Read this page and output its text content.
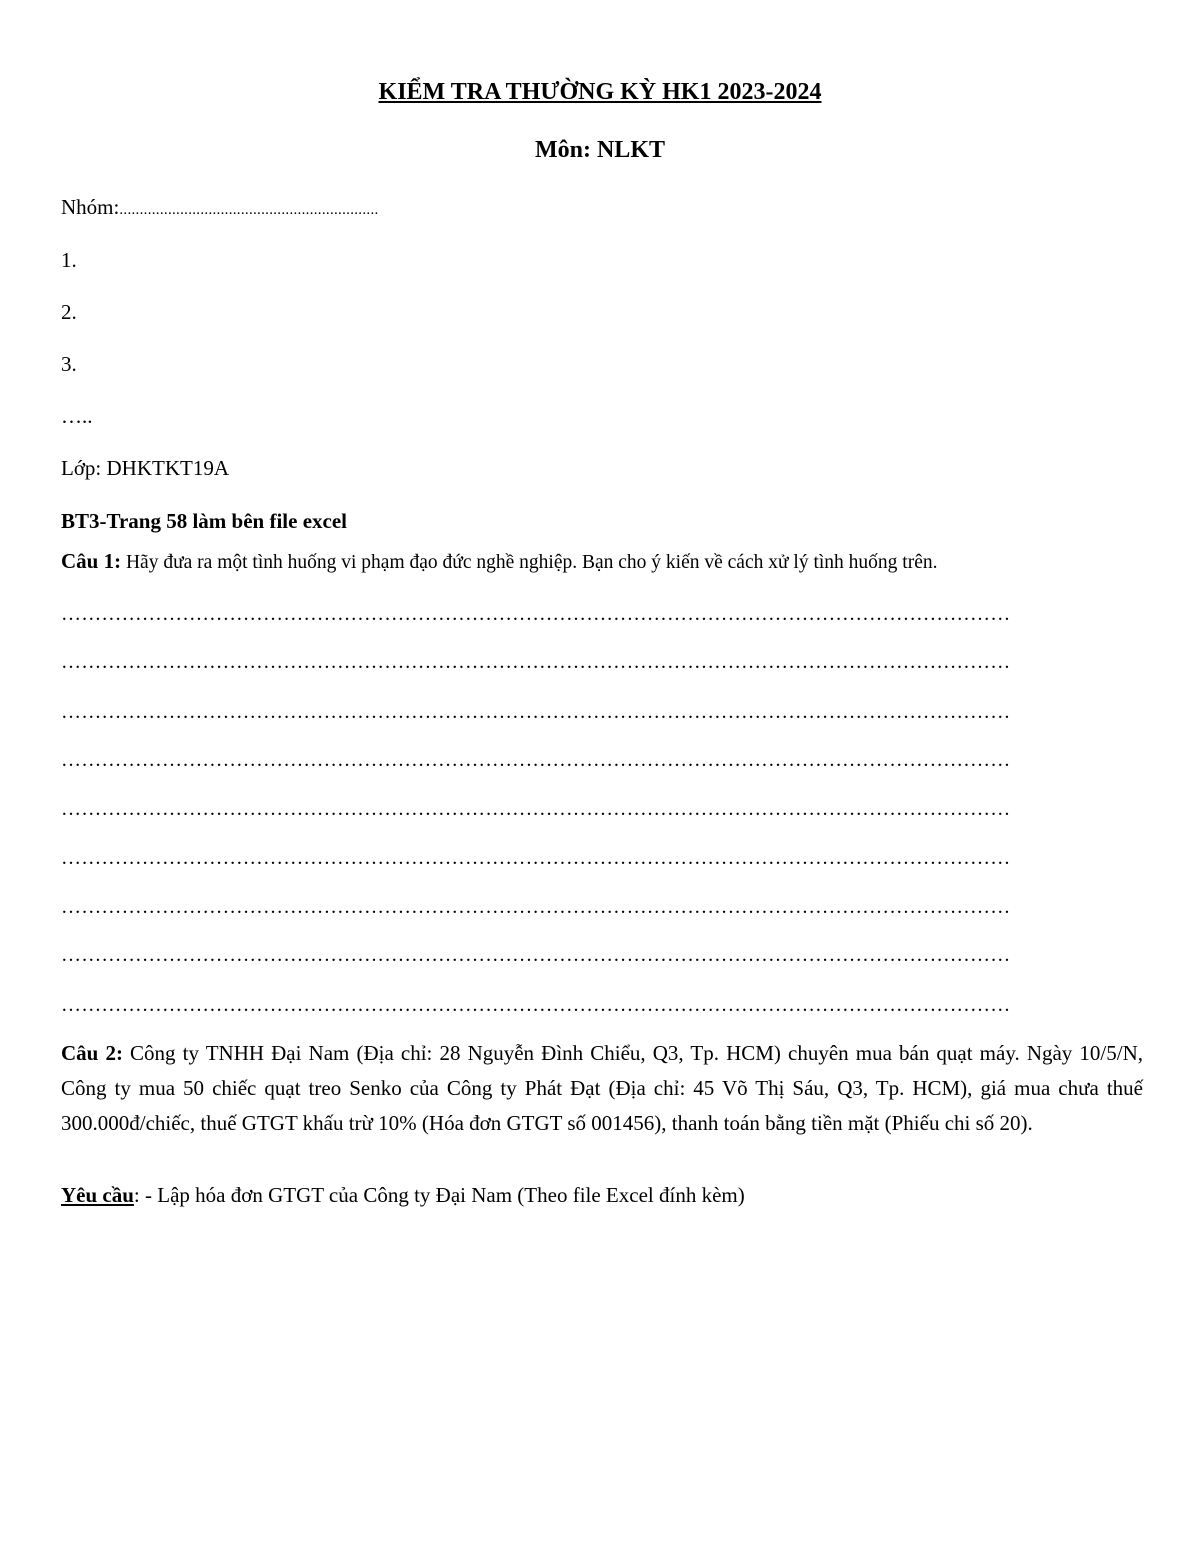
KIỂM TRA THƯỜNG KỲ HK1 2023-2024
Môn: NLKT
Nhóm:................................................................
1.
2.
3.
…..
Lớp: DHKTKT19A
BT3-Trang 58 làm bên file excel
Câu 1: Hãy đưa ra một tình huống vi phạm đạo đức nghề nghiệp. Bạn cho ý kiến về cách xử lý tình huống trên.
……………………………………………………………………………………………………………………………
……………………………………………………………………………………………………………………………
……………………………………………………………………………………………………………………………
……………………………………………………………………………………………………………………………
……………………………………………………………………………………………………………………………
……………………………………………………………………………………………………………………………
……………………………………………………………………………………………………………………………
……………………………………………………………………………………………………………………………
……………………………………………………………………………………………………………………………
Câu 2: Công ty TNHH Đại Nam (Địa chỉ: 28 Nguyễn Đình Chiểu, Q3, Tp. HCM) chuyên mua bán quạt máy. Ngày 10/5/N, Công ty mua 50 chiếc quạt treo Senko của Công ty Phát Đạt (Địa chỉ: 45 Võ Thị Sáu, Q3, Tp. HCM), giá mua chưa thuế 300.000đ/chiếc, thuế GTGT khấu trừ 10% (Hóa đơn GTGT số 001456), thanh toán bằng tiền mặt (Phiếu chi số 20).
Yêu cầu: - Lập hóa đơn GTGT của Công ty Đại Nam (Theo file Excel đính kèm)
